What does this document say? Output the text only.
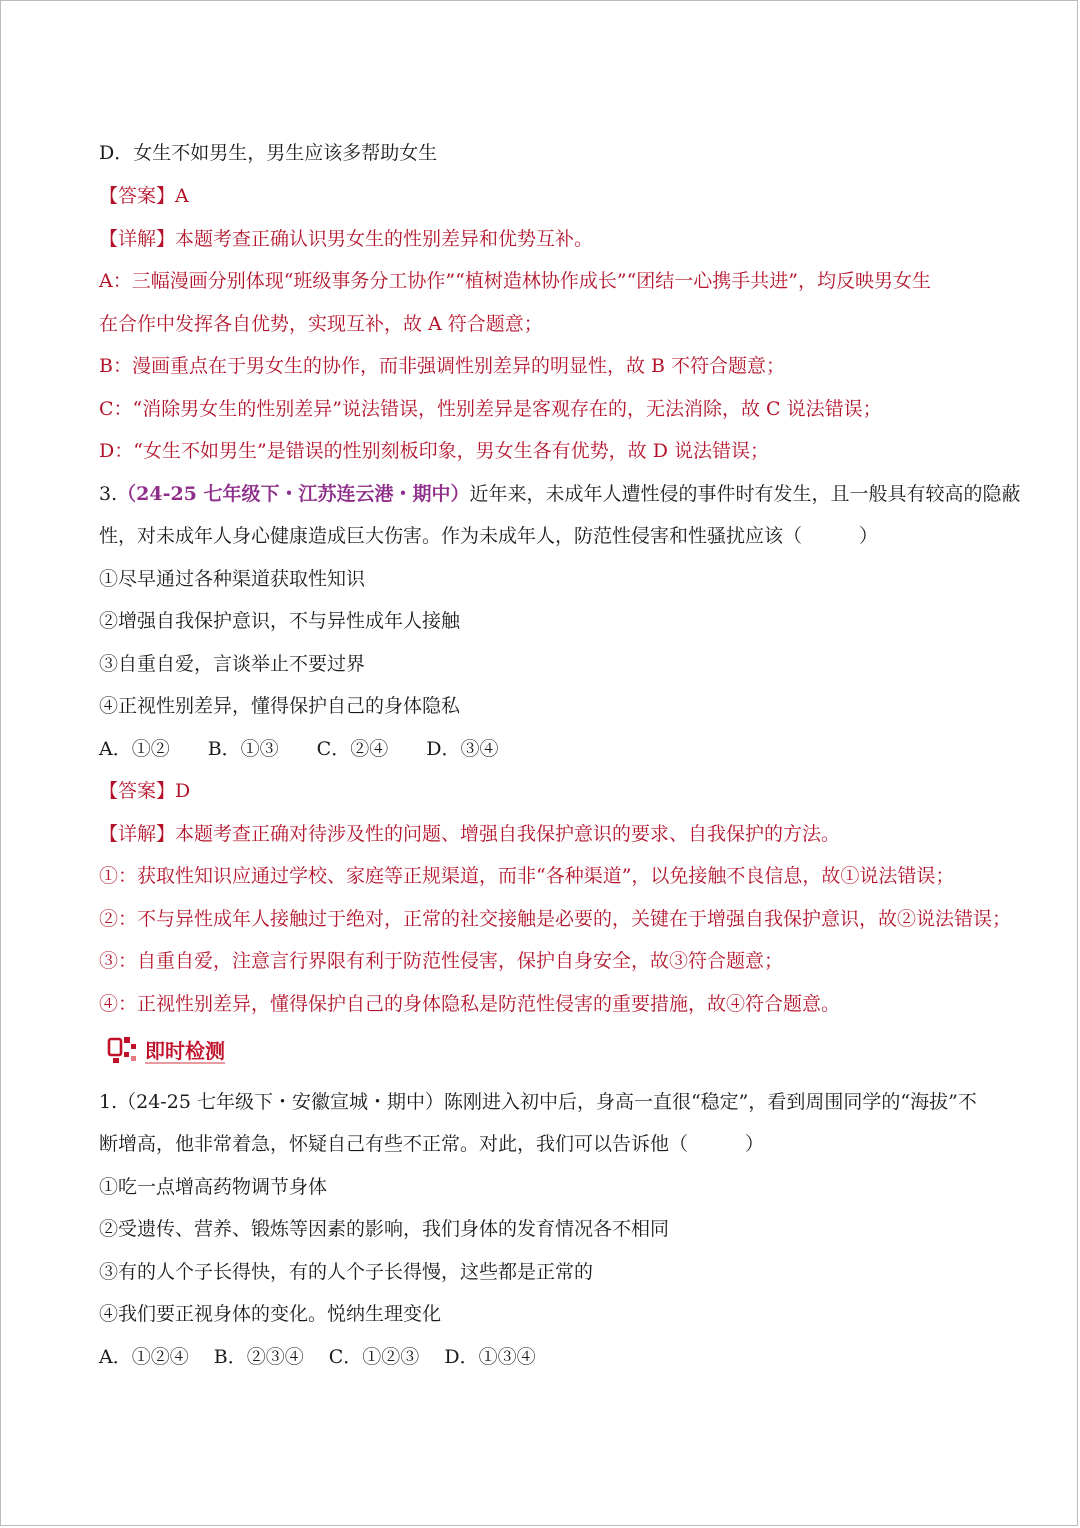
D．女生不如男生，男生应该多帮助女生
【答案】A
【详解】本题考查正确认识男女生的性别差异和优势互补。
A：三幅漫画分别体现“班级事务分工协作”“植树造林协作成长”“团结一心携手共进”，均反映男女生
在合作中发挥各自优势，实现互补，故 A 符合题意；
B：漫画重点在于男女生的协作，而非强调性别差异的明显性，故 B 不符合题意；
C：“消除男女生的性别差异”说法错误，性别差异是客观存在的，无法消除，故 C 说法错误；
D：“女生不如男生”是错误的性别刻板印象，男女生各有优势，故 D 说法错误；
3.（24-25 七年级下・江苏连云港・期中）近年来，未成年人遭性侵的事件时有发生，且一般具有较高的隐蔽
性，对未成年人身心健康造成巨大伤害。作为未成年人，防范性侵害和性骚扰应该（　　　）
①尽早通过各种渠道获取性知识
②增强自我保护意识，不与异性成年人接触
③自重自爱，言谈举止不要过界
④正视性别差异，懂得保护自己的身体隐私
A．①②　　B．①③　　C．②④　　D．③④
【答案】D
【详解】本题考查正确对待涉及性的问题、增强自我保护意识的要求、自我保护的方法。
①：获取性知识应通过学校、家庭等正规渠道，而非“各种渠道”，以免接触不良信息，故①说法错误；
②：不与异性成年人接触过于绝对，正常的社交接触是必要的，关键在于增强自我保护意识，故②说法错误；
③：自重自爱，注意言行界限有利于防范性侵害，保护自身安全，故③符合题意；
④：正视性别差异，懂得保护自己的身体隐私是防范性侵害的重要措施，故④符合题意。
即时检测
1.（24-25 七年级下・安徽宣城・期中）陈刚进入初中后，身高一直很“稳定”，看到周围同学的“海拔”不
断增高，他非常着急，怀疑自己有些不正常。对此，我们可以告诉他（　　　）
①吃一点增高药物调节身体
②受遗传、营养、锻炼等因素的影响，我们身体的发育情况各不相同
③有的人个子长得快，有的人个子长得慢，这些都是正常的
④我们要正视身体的变化。悦纳生理变化
A．①②④　 B．②③④　 C．①②③　 D．①③④
